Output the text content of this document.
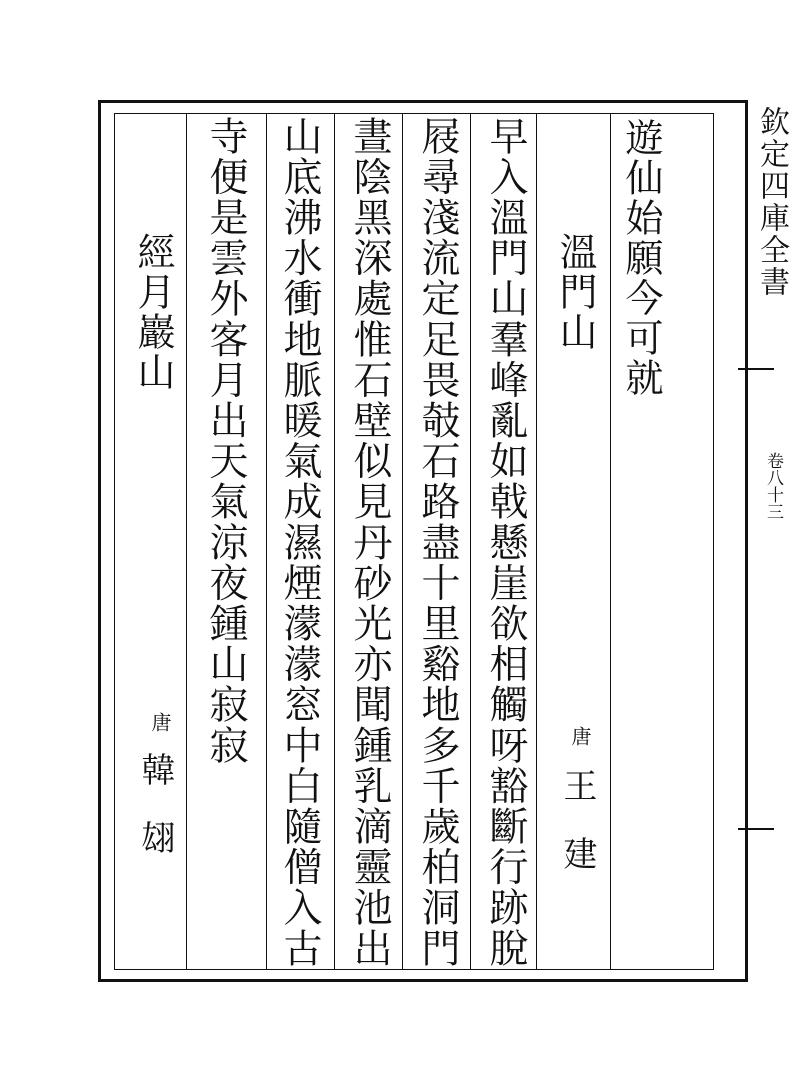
欽定四庫全書
卷八十三
遊仙始願今可就
溫門山
唐
王　建
早入溫門山羣峰亂如戟懸崖欲相觸呀豁斷行跡脫
屐尋淺流定足畏攲石路盡十里谿地多千歲柏洞門
晝陰黑深處惟石壁似見丹砂光亦聞鍾乳滴靈池出
山底沸水衝地脈暖氣成濕煙濛濛窓中白隨僧入古
寺便是雲外客月出天氣涼夜鍾山寂寂
經月巖山
唐
韓　翃
